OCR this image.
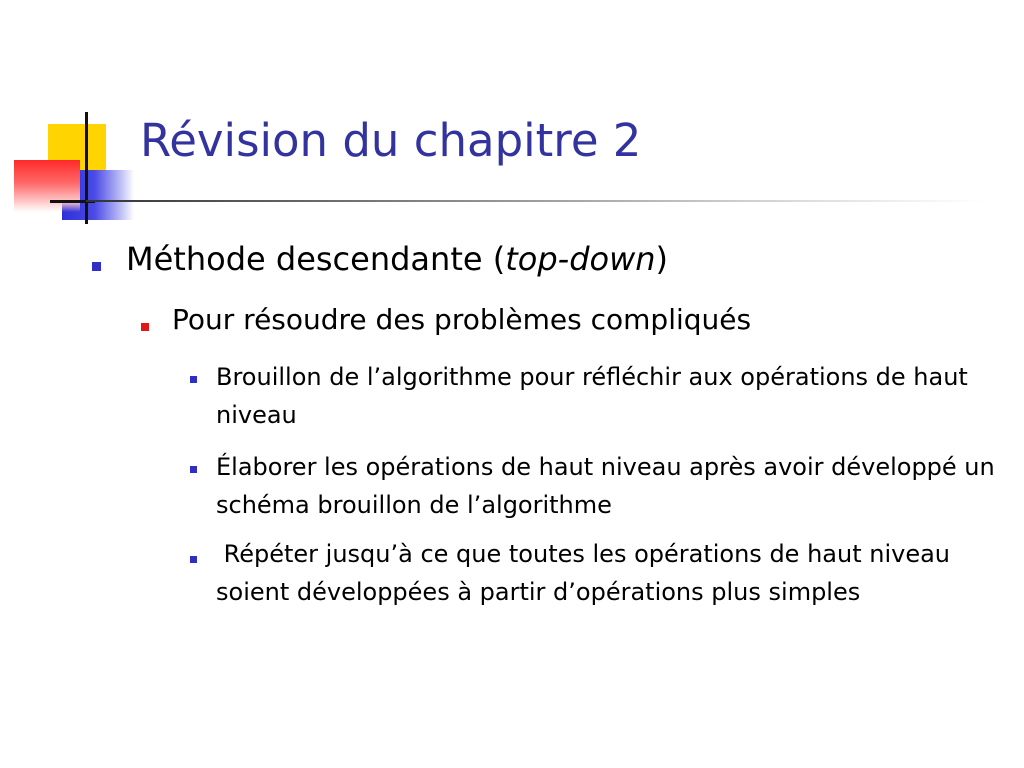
Révision du chapitre 2

Méthode descendante (top-down)

Pour résoudre des problèmes compliqués

Brouillon de l’algorithme pour réfléchir aux opérations de haut niveau

Élaborer les opérations de haut niveau après avoir développé un schéma brouillon de l’algorithme

Répéter jusqu’à ce que toutes les opérations de haut niveau soient développées à partir d’opérations plus simples
